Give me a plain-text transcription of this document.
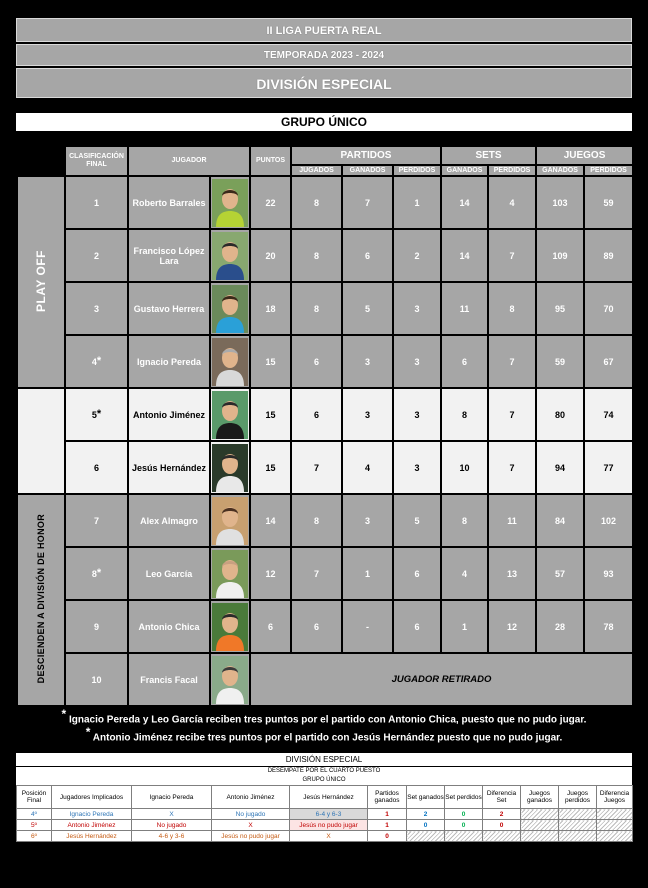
II LIGA PUERTA REAL
TEMPORADA 2023 - 2024
DIVISIÓN ESPECIAL
GRUPO ÚNICO
	CLASIFICACIÓN FINAL	JUGADOR		PUNTOS	PARTIDOS			SETS		JUEGOS	
					JUGADOS	GANADOS	PERDIDOS	GANADOS	PERDIDOS	GANADOS	PERDIDOS
PLAY OFF	1	Roberto Barrales		22	8	7	1	14	4	103	59
	2	Francisco López Lara		20	8	6	2	14	7	109	89
	3	Gustavo Herrera		18	8	5	3	11	8	95	70
	4*	Ignacio Pereda		15	6	3	3	6	7	59	67
	5*	Antonio Jiménez		15	6	3	3	8	7	80	74
	6	Jesús Hernández		15	7	4	3	10	7	94	77
DESCIENDEN A DIVISIÓN DE HONOR	7	Alex Almagro		14	8	3	5	8	11	84	102
	8*	Leo García		12	7	1	6	4	13	57	93
	9	Antonio Chica		6	6	-	6	1	12	28	78
	10	Francis Facal		JUGADOR RETIRADO							
* Ignacio Pereda y Leo García reciben tres puntos por el partido con Antonio Chica, puesto que no pudo jugar.
* Antonio Jiménez recibe tres puntos por el partido con Jesús Hernández puesto que no pudo jugar.
DIVISIÓN ESPECIAL
DESEMPATE POR EL CUARTO PUESTO
GRUPO ÚNICO
Posición Final	Jugadores Implicados	Ignacio Pereda	Antonio Jiménez	Jesús Hernández	Partidos ganados	Set ganados	Set perdidos	Diferencia Set	Juegos ganados	Juegos perdidos	Diferencia Juegos
4º	Ignacio Pereda	X	No jugado	6-4 y 6-3	1	2	0	2			
5º	Antonio Jiménez	No jugado	X	Jesús no pudo jugar	1	0	0	0			
6º	Jesús Hernández	4-6 y 3-6	Jesús no pudo jugar	X	0						
